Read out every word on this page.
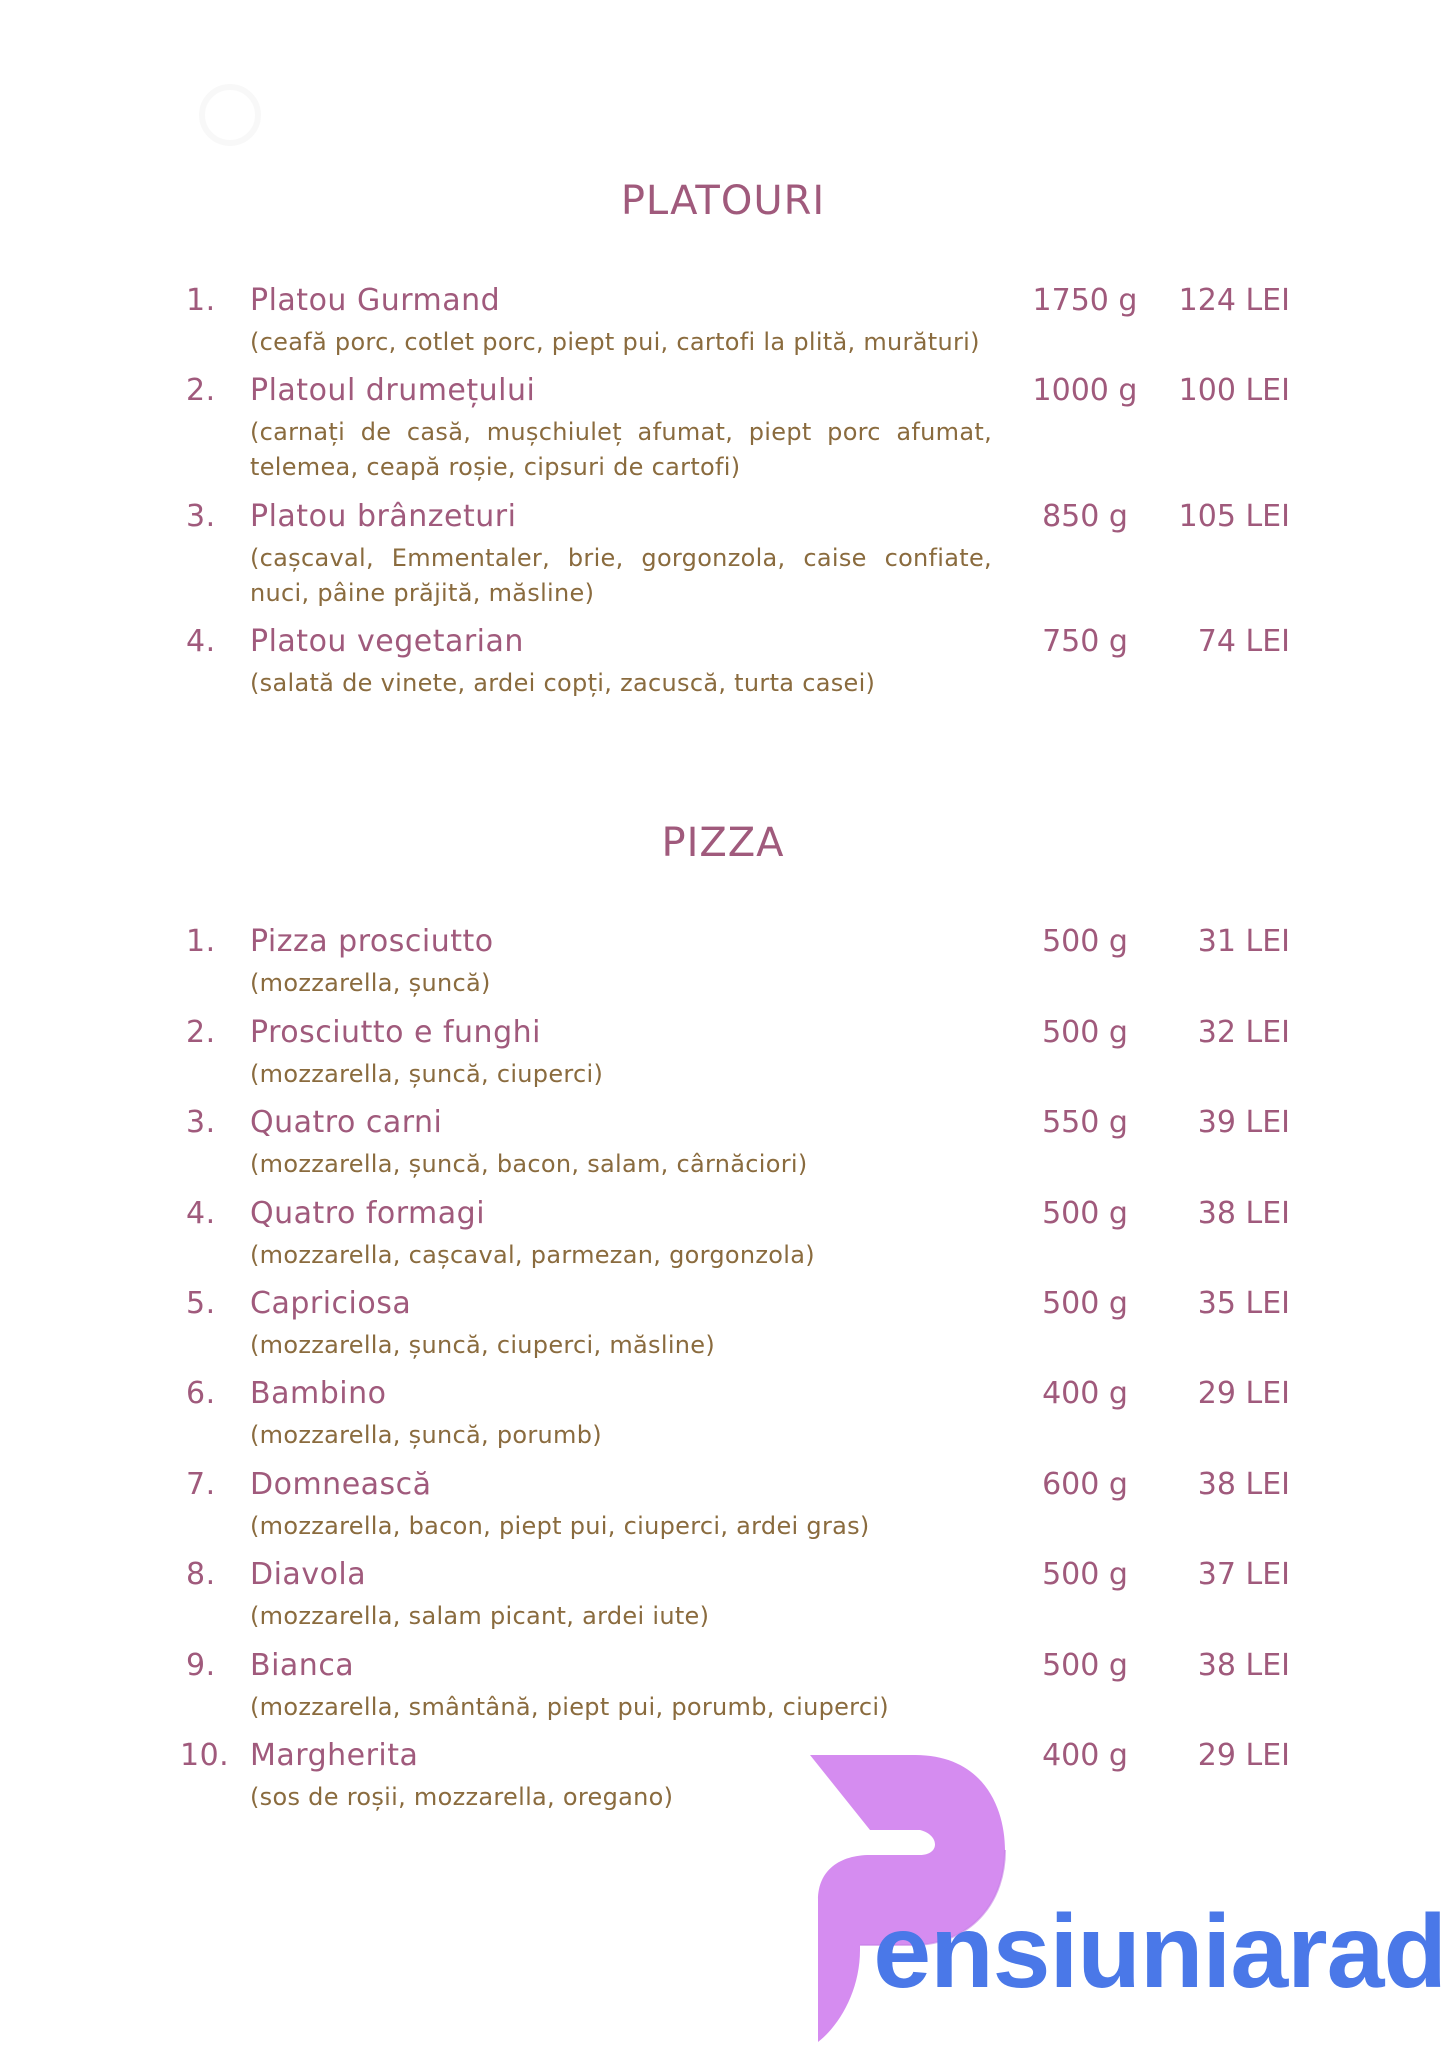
PLATOURI
1.	Platou Gurmand	1750 g	124 LEI
(ceafă porc, cotlet porc, piept pui, cartofi la plită, murături)
2.	Platoul drumețului	1000 g	100 LEI
(carnați de casă, mușchiuleț afumat, piept porc afumat, telemea, ceapă roșie, cipsuri de cartofi)
3.	Platou brânzeturi	850 g	105 LEI
(cașcaval, Emmentaler, brie, gorgonzola, caise confiate, nuci, pâine prăjită, măsline)
4.	Platou vegetarian	750 g	74 LEI
(salată de vinete, ardei copți, zacuscă, turta casei)
PIZZA
1.	Pizza prosciutto	500 g	31 LEI
(mozzarella, șuncă)
2.	Prosciutto e funghi	500 g	32 LEI
(mozzarella, șuncă, ciuperci)
3.	Quatro carni	550 g	39 LEI
(mozzarella, șuncă, bacon, salam, cârnăciori)
4.	Quatro formagi	500 g	38 LEI
(mozzarella, cașcaval, parmezan, gorgonzola)
5.	Capriciosa	500 g	35 LEI
(mozzarella, șuncă, ciuperci, măsline)
6.	Bambino	400 g	29 LEI
(mozzarella, șuncă, porumb)
7.	Domnească	600 g	38 LEI
(mozzarella, bacon, piept pui, ciuperci, ardei gras)
8.	Diavola	500 g	37 LEI
(mozzarella, salam picant, ardei iute)
9.	Bianca	500 g	38 LEI
(mozzarella, smântână, piept pui, porumb, ciuperci)
10. Margherita	400 g	29 LEI
(sos de roșii, mozzarella, oregano)
ensiuniarad
